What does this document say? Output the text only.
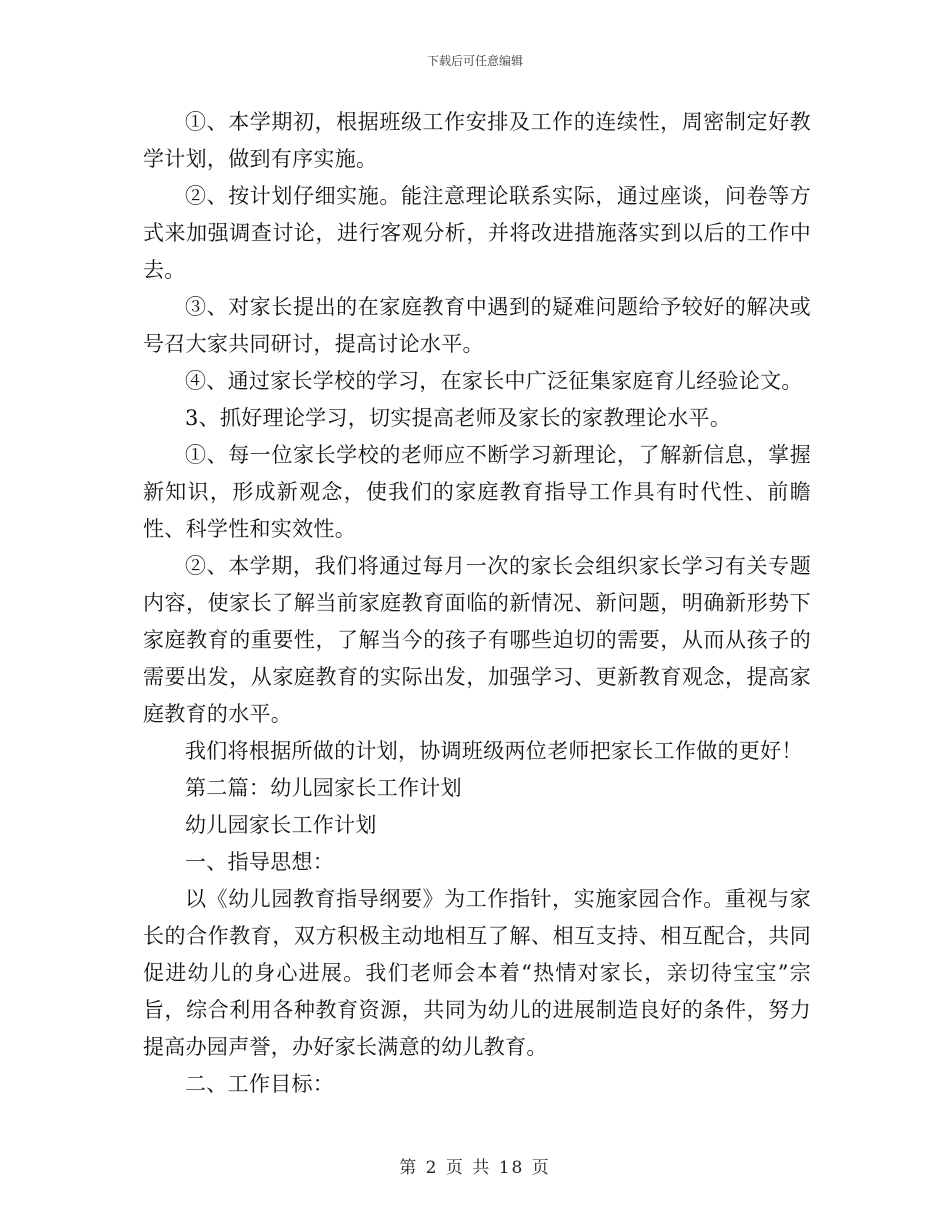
下载后可任意编辑

①、本学期初，根据班级工作安排及工作的连续性，周密制定好教学计划，做到有序实施。

②、按计划仔细实施。能注意理论联系实际，通过座谈，问卷等方式来加强调查讨论，进行客观分析，并将改进措施落实到以后的工作中去。

③、对家长提出的在家庭教育中遇到的疑难问题给予较好的解决或号召大家共同研讨，提高讨论水平。

④、通过家长学校的学习，在家长中广泛征集家庭育儿经验论文。

3、抓好理论学习，切实提高老师及家长的家教理论水平。

①、每一位家长学校的老师应不断学习新理论，了解新信息，掌握新知识，形成新观念，使我们的家庭教育指导工作具有时代性、前瞻性、科学性和实效性。

②、本学期，我们将通过每月一次的家长会组织家长学习有关专题内容，使家长了解当前家庭教育面临的新情况、新问题，明确新形势下家庭教育的重要性，了解当今的孩子有哪些迫切的需要，从而从孩子的需要出发，从家庭教育的实际出发，加强学习、更新教育观念，提高家庭教育的水平。

我们将根据所做的计划，协调班级两位老师把家长工作做的更好！

第二篇：幼儿园家长工作计划

幼儿园家长工作计划

一、指导思想：

以《幼儿园教育指导纲要》为工作指针，实施家园合作。重视与家长的合作教育，双方积极主动地相互了解、相互支持、相互配合，共同促进幼儿的身心进展。我们老师会本着“热情对家长，亲切待宝宝”宗旨，综合利用各种教育资源，共同为幼儿的进展制造良好的条件，努力提高办园声誉，办好家长满意的幼儿教育。

二、工作目标：

第 2 页 共 18 页
